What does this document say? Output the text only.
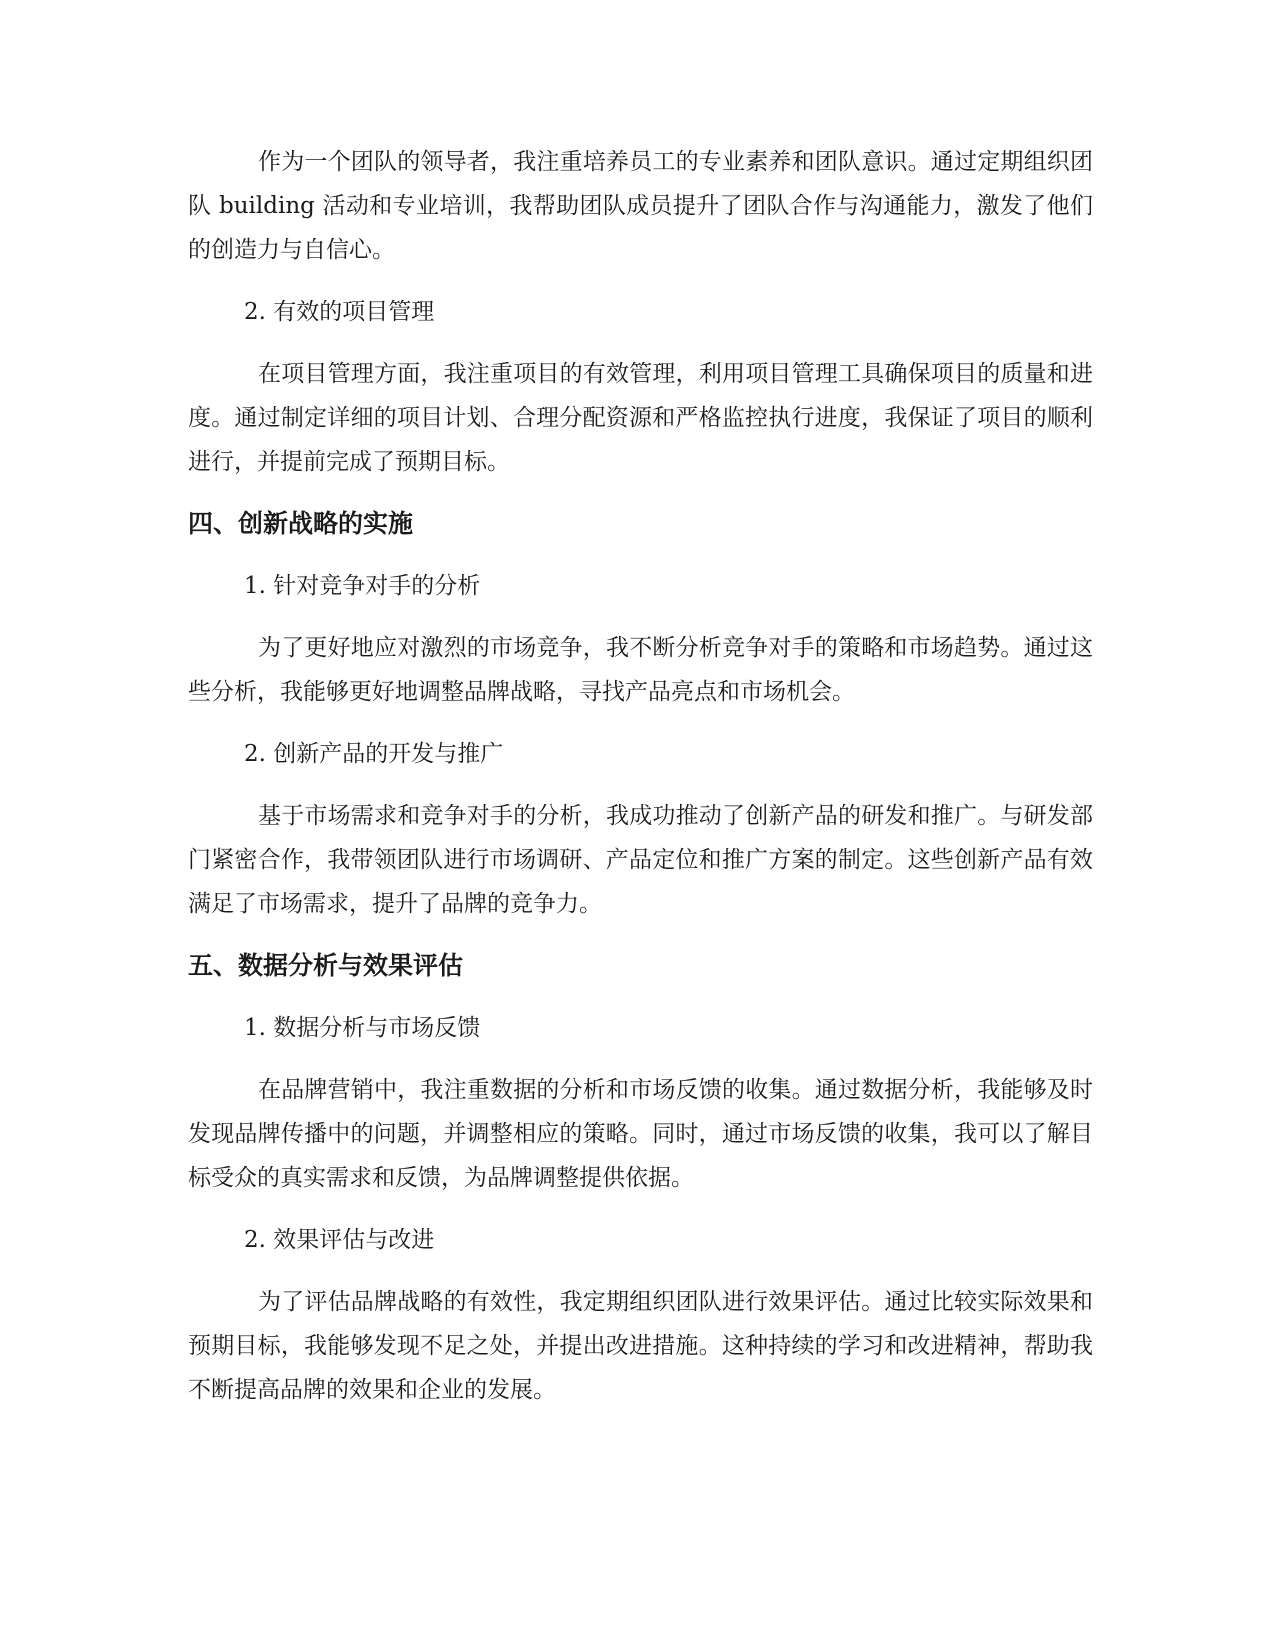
作为一个团队的领导者，我注重培养员工的专业素养和团队意识。通过定期组织团队 building 活动和专业培训，我帮助团队成员提升了团队合作与沟通能力，激发了他们的创造力与自信心。

2. 有效的项目管理

在项目管理方面，我注重项目的有效管理，利用项目管理工具确保项目的质量和进度。通过制定详细的项目计划、合理分配资源和严格监控执行进度，我保证了项目的顺利进行，并提前完成了预期目标。

四、创新战略的实施

1. 针对竞争对手的分析

为了更好地应对激烈的市场竞争，我不断分析竞争对手的策略和市场趋势。通过这些分析，我能够更好地调整品牌战略，寻找产品亮点和市场机会。

2. 创新产品的开发与推广

基于市场需求和竞争对手的分析，我成功推动了创新产品的研发和推广。与研发部门紧密合作，我带领团队进行市场调研、产品定位和推广方案的制定。这些创新产品有效满足了市场需求，提升了品牌的竞争力。

五、数据分析与效果评估

1. 数据分析与市场反馈

在品牌营销中，我注重数据的分析和市场反馈的收集。通过数据分析，我能够及时发现品牌传播中的问题，并调整相应的策略。同时，通过市场反馈的收集，我可以了解目标受众的真实需求和反馈，为品牌调整提供依据。

2. 效果评估与改进

为了评估品牌战略的有效性，我定期组织团队进行效果评估。通过比较实际效果和预期目标，我能够发现不足之处，并提出改进措施。这种持续的学习和改进精神，帮助我不断提高品牌的效果和企业的发展。
